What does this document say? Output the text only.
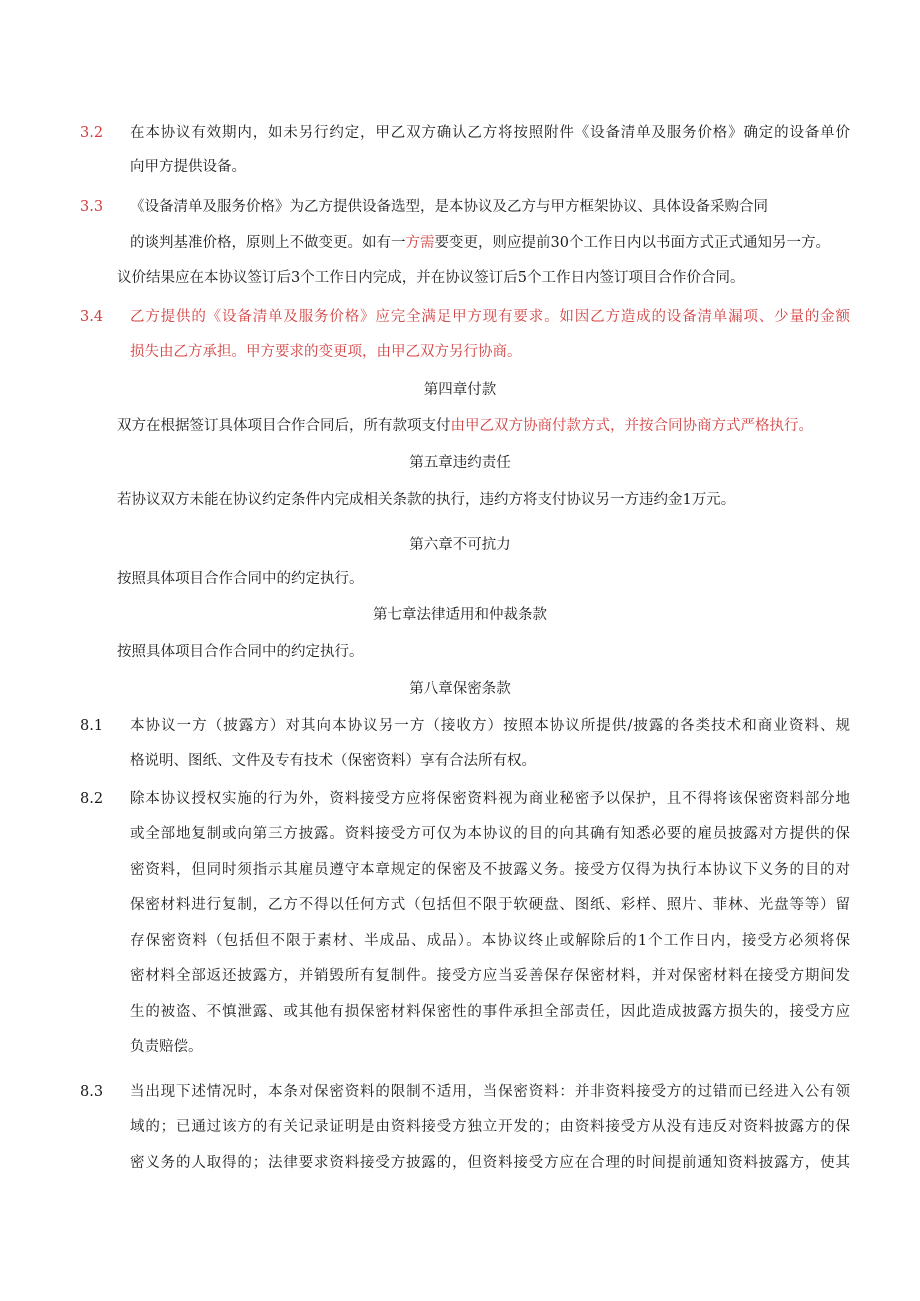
3.2 在本协议有效期内，如未另行约定，甲乙双方确认乙方将按照附件《设备清单及服务价格》确定的设备单价
向甲方提供设备。
3.3 《设备清单及服务价格》为乙方提供设备选型，是本协议及乙方与甲方框架协议、具体设备采购合同
的谈判基准价格，原则上不做变更。如有一方需要变更，则应提前30个工作日内以书面方式正式通知另一方。
议价结果应在本协议签订后3个工作日内完成，并在协议签订后5个工作日内签订项目合作价合同。
3.4 乙方提供的《设备清单及服务价格》应完全满足甲方现有要求。如因乙方造成的设备清单漏项、少量的金额
损失由乙方承担。甲方要求的变更项，由甲乙双方另行协商。
第四章付款
双方在根据签订具体项目合作合同后，所有款项支付由甲乙双方协商付款方式，并按合同协商方式严格执行。
第五章违约责任
若协议双方未能在协议约定条件内完成相关条款的执行，违约方将支付协议另一方违约金1万元。
第六章不可抗力
按照具体项目合作合同中的约定执行。
第七章法律适用和仲裁条款
按照具体项目合作合同中的约定执行。
第八章保密条款
8.1 本协议一方（披露方）对其向本协议另一方（接收方）按照本协议所提供/披露的各类技术和商业资料、规
格说明、图纸、文件及专有技术（保密资料）享有合法所有权。
8.2 除本协议授权实施的行为外，资料接受方应将保密资料视为商业秘密予以保护，且不得将该保密资料部分地
或全部地复制或向第三方披露。资料接受方可仅为本协议的目的向其确有知悉必要的雇员披露对方提供的保
密资料，但同时须指示其雇员遵守本章规定的保密及不披露义务。接受方仅得为执行本协议下义务的目的对
保密材料进行复制，乙方不得以任何方式（包括但不限于软硬盘、图纸、彩样、照片、菲林、光盘等等）留
存保密资料（包括但不限于素材、半成品、成品）。本协议终止或解除后的1个工作日内，接受方必须将保
密材料全部返还披露方，并销毁所有复制件。接受方应当妥善保存保密材料，并对保密材料在接受方期间发
生的被盗、不慎泄露、或其他有损保密材料保密性的事件承担全部责任，因此造成披露方损失的，接受方应
负责赔偿。
8.3 当出现下述情况时，本条对保密资料的限制不适用，当保密资料：并非资料接受方的过错而已经进入公有领
域的；已通过该方的有关记录证明是由资料接受方独立开发的；由资料接受方从没有违反对资料披露方的保
密义务的人取得的；法律要求资料接受方披露的，但资料接受方应在合理的时间提前通知资料披露方，使其
